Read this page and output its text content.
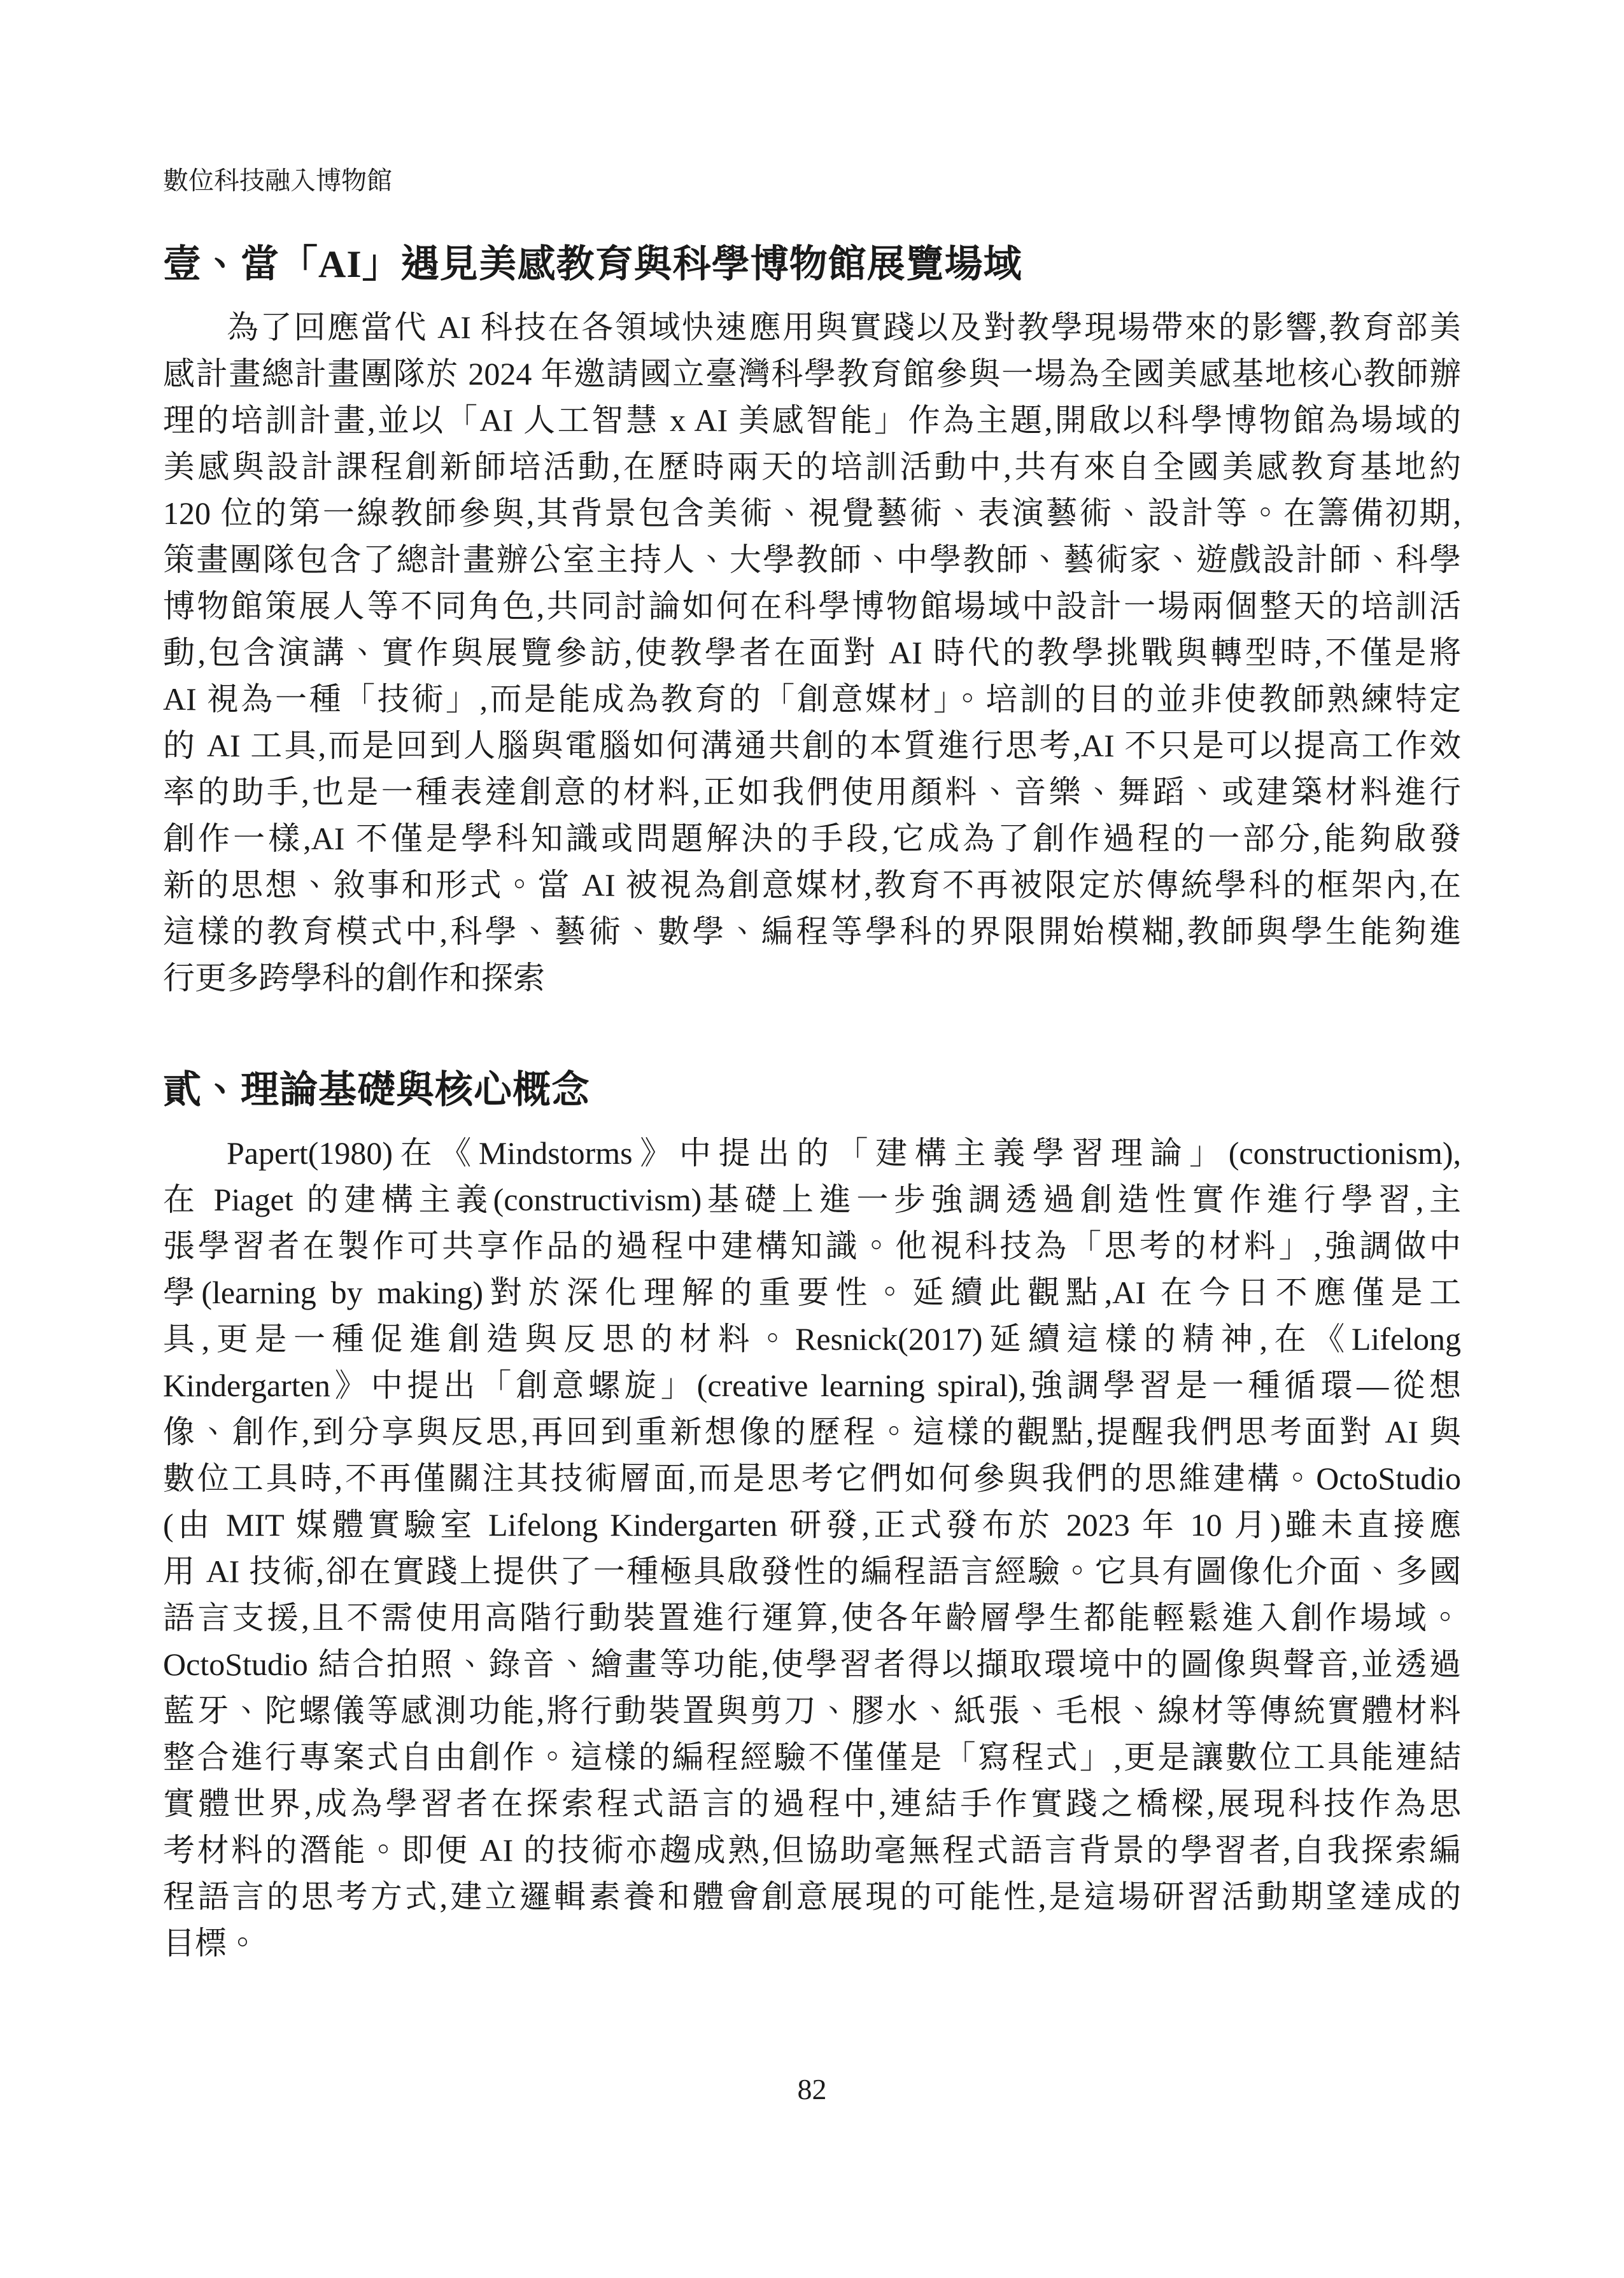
數位科技融入博物館
壹、當「AI」遇見美感教育與科學博物館展覽場域
為了回應當代 AI 科技在各領域快速應用與實踐以及對教學現場帶來的影響,教育部美
感計畫總計畫團隊於 2024 年邀請國立臺灣科學教育館參與一場為全國美感基地核心教師辦
理的培訓計畫,並以「AI 人工智慧 x AI 美感智能」作為主題,開啟以科學博物館為場域的
美感與設計課程創新師培活動,在歷時兩天的培訓活動中,共有來自全國美感教育基地約
120 位的第一線教師參與,其背景包含美術、視覺藝術、表演藝術、設計等。在籌備初期,
策畫團隊包含了總計畫辦公室主持人、大學教師、中學教師、藝術家、遊戲設計師、科學
博物館策展人等不同角色,共同討論如何在科學博物館場域中設計一場兩個整天的培訓活
動,包含演講、實作與展覽參訪,使教學者在面對 AI 時代的教學挑戰與轉型時,不僅是將
AI 視為一種「技術」,而是能成為教育的「創意媒材」。培訓的目的並非使教師熟練特定
的 AI 工具,而是回到人腦與電腦如何溝通共創的本質進行思考,AI 不只是可以提高工作效
率的助手,也是一種表達創意的材料,正如我們使用顏料、音樂、舞蹈、或建築材料進行
創作一樣,AI 不僅是學科知識或問題解決的手段,它成為了創作過程的一部分,能夠啟發
新的思想、敘事和形式。當 AI 被視為創意媒材,教育不再被限定於傳統學科的框架內,在
這樣的教育模式中,科學、藝術、數學、編程等學科的界限開始模糊,教師與學生能夠進
行更多跨學科的創作和探索
貳、理論基礎與核心概念
Papert(1980)在《Mindstorms》中提出的「建構主義學習理論」(constructionism),
在 Piaget 的建構主義(constructivism)基礎上進一步強調透過創造性實作進行學習,主
張學習者在製作可共享作品的過程中建構知識。他視科技為「思考的材料」,強調做中
學(learning by making)對於深化理解的重要性。延續此觀點,AI 在今日不應僅是工
具,更是一種促進創造與反思的材料。Resnick(2017)延續這樣的精神,在《Lifelong
Kindergarten》中提出「創意螺旋」(creative learning spiral),強調學習是一種循環—從想
像、創作,到分享與反思,再回到重新想像的歷程。這樣的觀點,提醒我們思考面對 AI 與
數位工具時,不再僅關注其技術層面,而是思考它們如何參與我們的思維建構。OctoStudio
(由 MIT 媒體實驗室 Lifelong Kindergarten 研發,正式發布於 2023 年 10 月)雖未直接應
用 AI 技術,卻在實踐上提供了一種極具啟發性的編程語言經驗。它具有圖像化介面、多國
語言支援,且不需使用高階行動裝置進行運算,使各年齡層學生都能輕鬆進入創作場域。
OctoStudio 結合拍照、錄音、繪畫等功能,使學習者得以擷取環境中的圖像與聲音,並透過
藍牙、陀螺儀等感測功能,將行動裝置與剪刀、膠水、紙張、毛根、線材等傳統實體材料
整合進行專案式自由創作。這樣的編程經驗不僅僅是「寫程式」,更是讓數位工具能連結
實體世界,成為學習者在探索程式語言的過程中,連結手作實踐之橋樑,展現科技作為思
考材料的潛能。即便 AI 的技術亦趨成熟,但協助毫無程式語言背景的學習者,自我探索編
程語言的思考方式,建立邏輯素養和體會創意展現的可能性,是這場研習活動期望達成的
目標。
82
